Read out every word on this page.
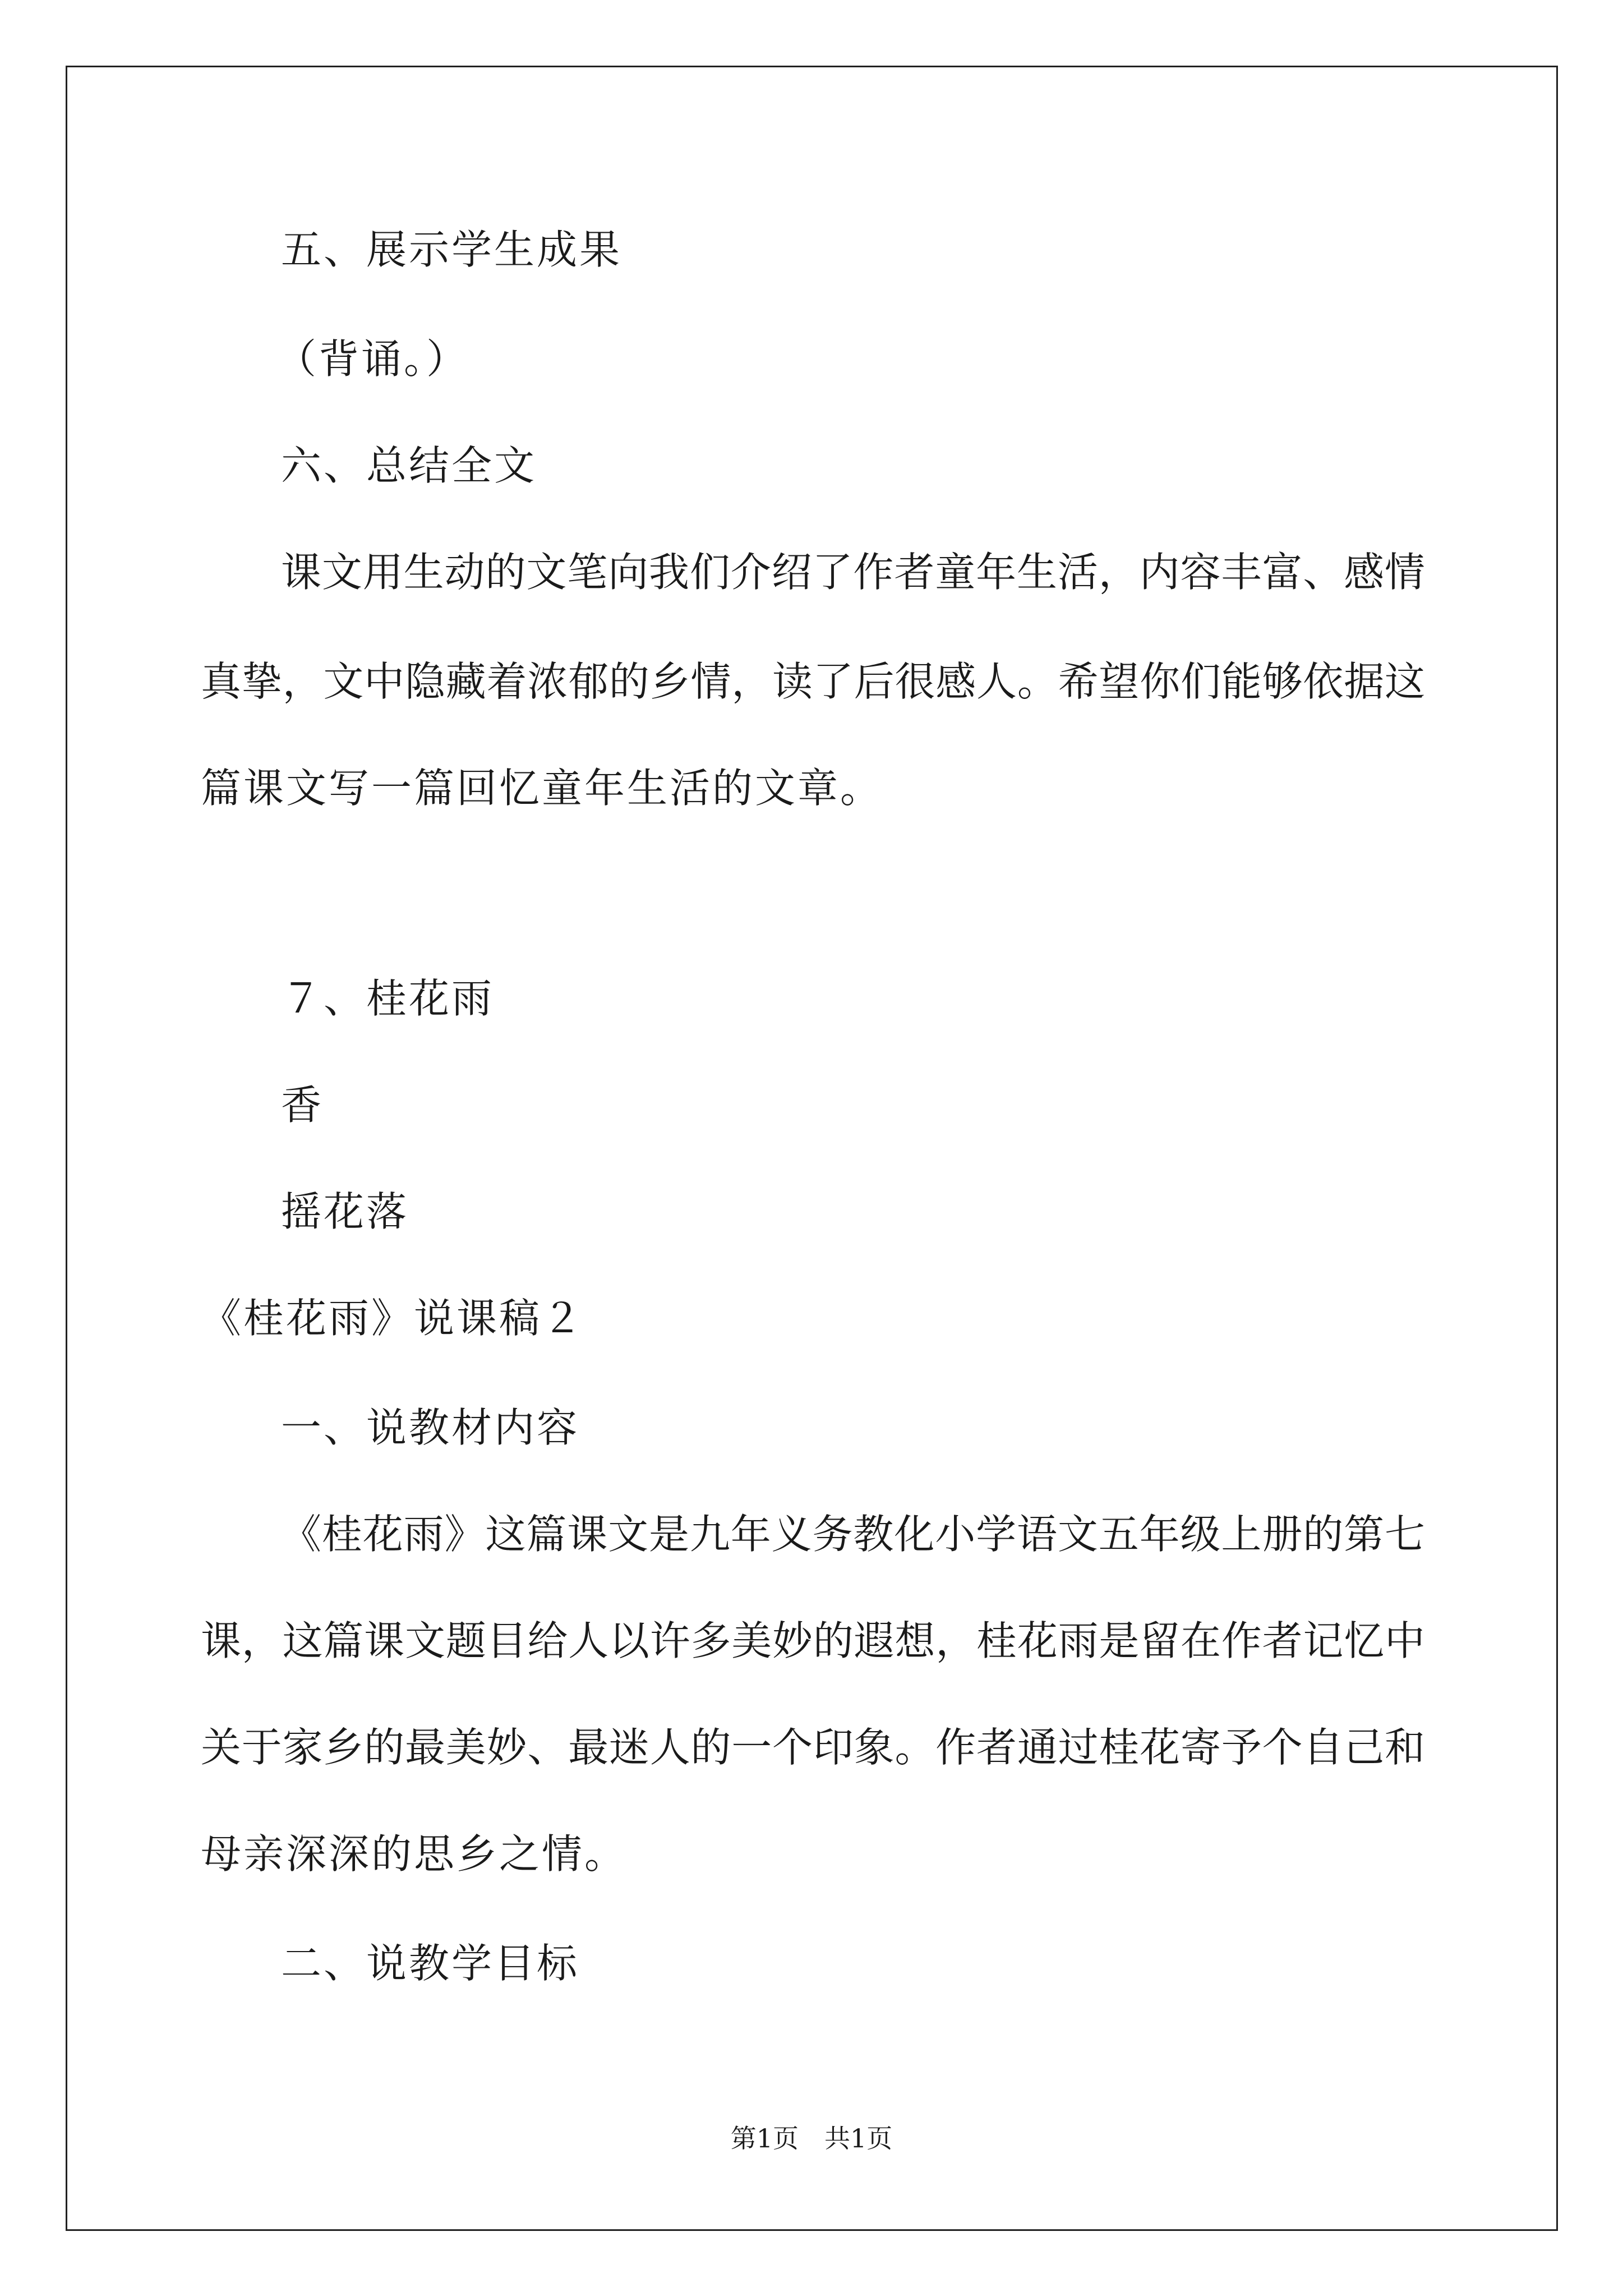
五、展示学生成果
（背诵。）
六、总结全文
课文用生动的文笔向我们介绍了作者童年生活，内容丰富、感情
真挚，文中隐藏着浓郁的乡情，读了后很感人。希望你们能够依据这
篇课文写一篇回忆童年生活的文章。
７、桂花雨
香
摇花落
《桂花雨》说课稿２
一、说教材内容
《桂花雨》这篇课文是九年义务教化小学语文五年级上册的第七
课，这篇课文题目给人以许多美妙的遐想，桂花雨是留在作者记忆中
关于家乡的最美妙、最迷人的一个印象。作者通过桂花寄予个自己和
母亲深深的思乡之情。
二、说教学目标
第1页　共1页
